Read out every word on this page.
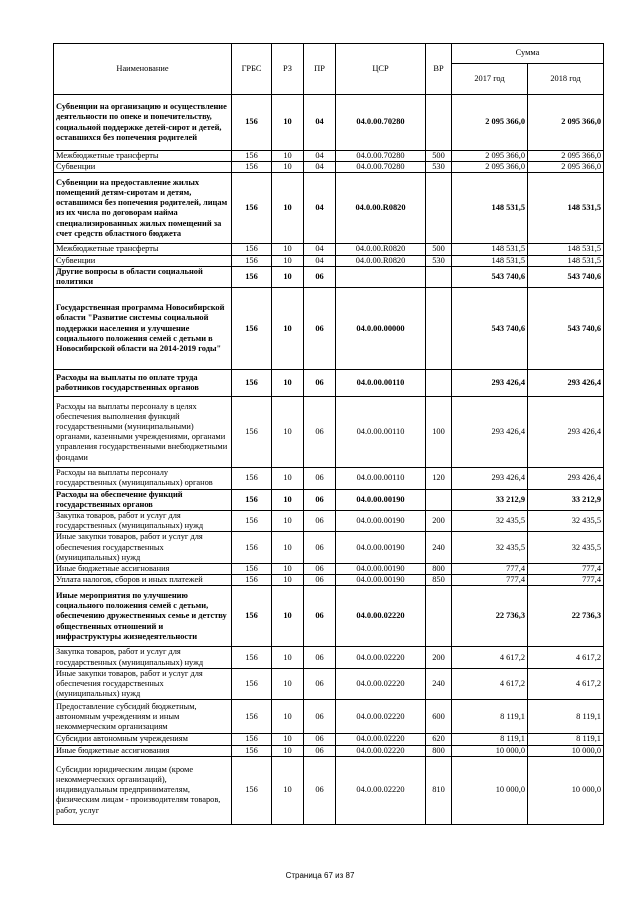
Наименование	ГРБС	РЗ	ПР	ЦСР	ВР	Сумма	
						2017 год	2018 год
Субвенции на организацию и осуществление деятельности по опеке и попечительству, социальной поддержке детей-сирот и детей, оставшихся без попечения родителей	156	10	04	04.0.00.70280		2 095 366,0	2 095 366,0
Межбюджетные трансферты	156	10	04	04.0.00.70280	500	2 095 366,0	2 095 366,0
Субвенции	156	10	04	04.0.00.70280	530	2 095 366,0	2 095 366,0
Субвенции на предоставление жилых помещений детям-сиротам и детям, оставшимся без попечения родителей, лицам из их числа по договорам найма специализированных жилых помещений за счет средств областного бюджета	156	10	04	04.0.00.R0820		148 531,5	148 531,5
Межбюджетные трансферты	156	10	04	04.0.00.R0820	500	148 531,5	148 531,5
Субвенции	156	10	04	04.0.00.R0820	530	148 531,5	148 531,5
Другие вопросы в области социальной политики	156	10	06			543 740,6	543 740,6
Государственная программа Новосибирской области "Развитие системы социальной поддержки населения и улучшение социального положения семей с детьми в Новосибирской области на 2014-2019 годы"	156	10	06	04.0.00.00000		543 740,6	543 740,6
Расходы на выплаты по оплате труда работников государственных органов	156	10	06	04.0.00.00110		293 426,4	293 426,4
Расходы на выплаты персоналу в целях обеспечения выполнения функций государственными (муниципальными) органами, казенными учреждениями, органами управления государственными внебюджетными фондами	156	10	06	04.0.00.00110	100	293 426,4	293 426,4
Расходы на выплаты персоналу государственных (муниципальных) органов	156	10	06	04.0.00.00110	120	293 426,4	293 426,4
Расходы на обеспечение функций государственных органов	156	10	06	04.0.00.00190		33 212,9	33 212,9
Закупка товаров, работ и услуг для государственных (муниципальных) нужд	156	10	06	04.0.00.00190	200	32 435,5	32 435,5
Иные закупки товаров, работ и услуг для обеспечения государственных (муниципальных) нужд	156	10	06	04.0.00.00190	240	32 435,5	32 435,5
Иные бюджетные ассигнования	156	10	06	04.0.00.00190	800	777,4	777,4
Уплата налогов, сборов и иных платежей	156	10	06	04.0.00.00190	850	777,4	777,4
Иные мероприятия по улучшению социального положения семей с детьми, обеспечению дружественных семье и детству общественных отношений и инфраструктуры жизнедеятельности	156	10	06	04.0.00.02220		22 736,3	22 736,3
Закупка товаров, работ и услуг для государственных (муниципальных) нужд	156	10	06	04.0.00.02220	200	4 617,2	4 617,2
Иные закупки товаров, работ и услуг для обеспечения государственных (муниципальных) нужд	156	10	06	04.0.00.02220	240	4 617,2	4 617,2
Предоставление субсидий бюджетным, автономным учреждениям и иным некоммерческим организациям	156	10	06	04.0.00.02220	600	8 119,1	8 119,1
Субсидии автономным учреждениям	156	10	06	04.0.00.02220	620	8 119,1	8 119,1
Иные бюджетные ассигнования	156	10	06	04.0.00.02220	800	10 000,0	10 000,0
Субсидии юридическим лицам (кроме некоммерческих организаций), индивидуальным предпринимателям, физическим лицам - производителям товаров, работ, услуг	156	10	06	04.0.00.02220	810	10 000,0	10 000,0
Страница 67 из 87
